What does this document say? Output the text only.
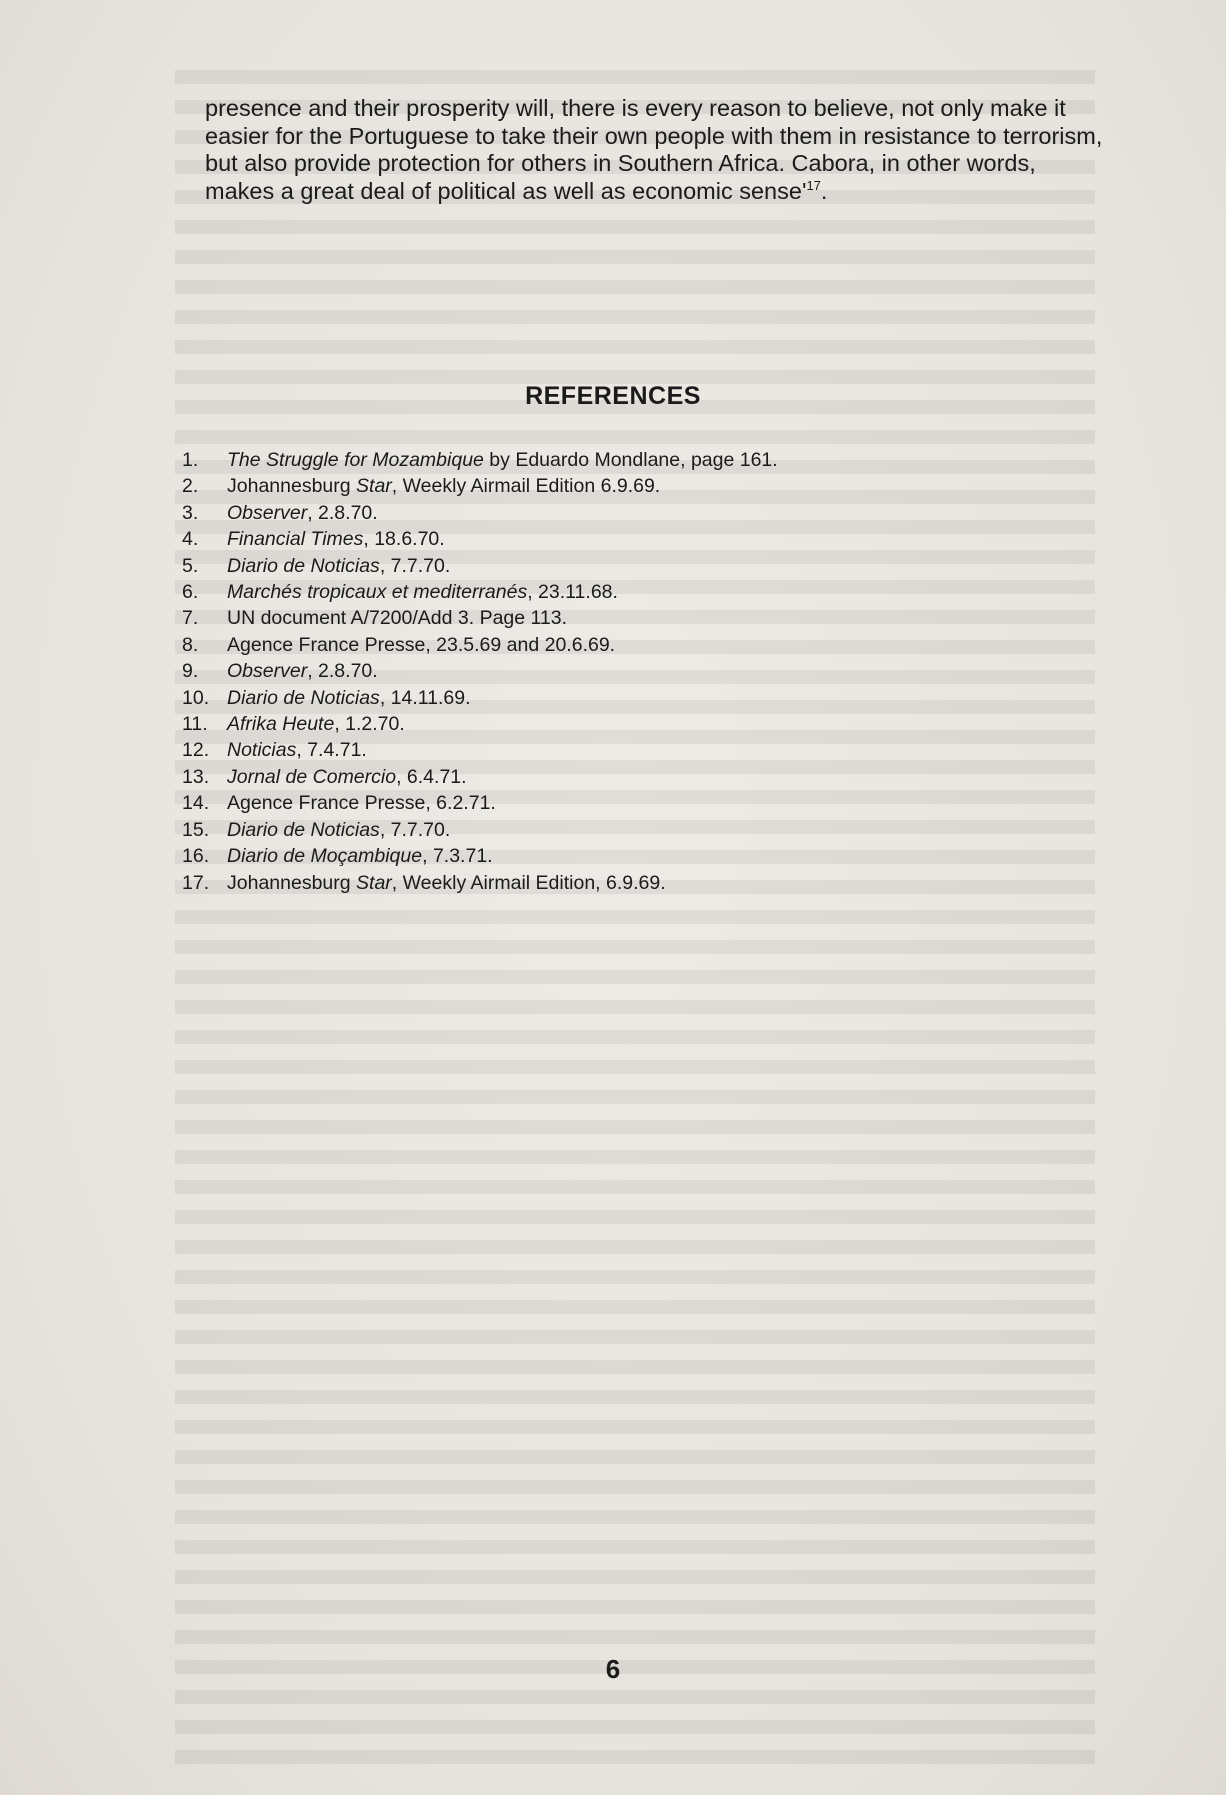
presence and their prosperity will, there is every reason to believe, not only make it easier for the Portuguese to take their own people with them in resistance to terrorism, but also provide protection for others in Southern Africa. Cabora, in other words, makes a great deal of political as well as economic $sense'^{17}$.

REFERENCES
1.	The Struggle for Mozambique by Eduardo Mondlane, page 161.
2.	Johannesburg Star, Weekly Airmail Edition 6.9.69.
3.	Observer, 2.8.70.
4.	Financial Times, 18.6.70.
5.	Diario de Noticias, 7.7.70.
6.	Marchés tropicaux et mediterranés, 23.11.68.
7.	UN document A/7200/Add 3. Page 113.
8.	Agence France Presse, 23.5.69 and 20.6.69.
9.	Observer, 2.8.70.
10. Diario de Noticias, 14.11.69.
11. Afrika Heute, 1.2.70.
12. Noticias, 7.4.71.
13. Jornal de Comercio, 6.4.71.
14. Agence France Presse, 6.2.71.
15. Diario de Noticias, 7.7.70.
16. Diario de Moçambique, 7.3.71.
17. Johannesburg Star, Weekly Airmail Edition, 6.9.69.
6
